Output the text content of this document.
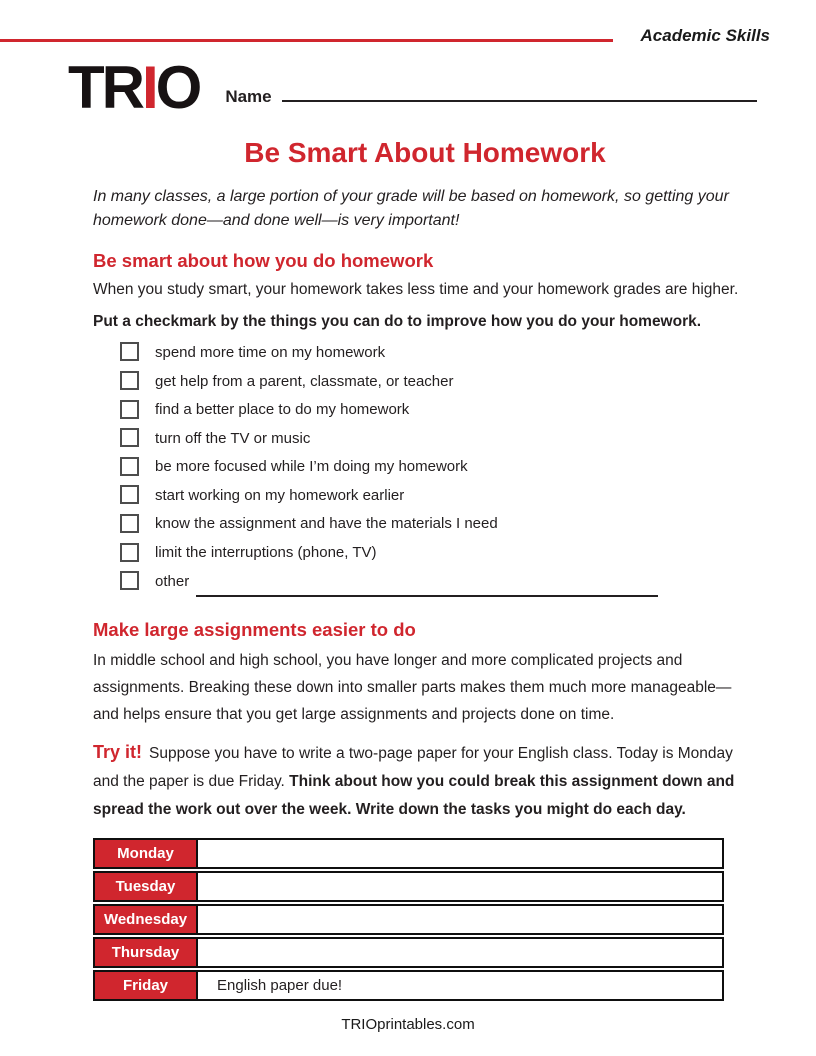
Academic Skills
TRIO Name
Be Smart About Homework

In many classes, a large portion of your grade will be based on homework, so getting your homework done—and done well—is very important!

Be smart about how you do homework

When you study smart, your homework takes less time and your homework grades are higher.

Put a checkmark by the things you can do to improve how you do your homework.

spend more time on my homework
get help from a parent, classmate, or teacher
find a better place to do my homework
turn off the TV or music
be more focused while I’m doing my homework
start working on my homework earlier
know the assignment and have the materials I need
limit the interruptions (phone, TV)
other
Make large assignments easier to do

In middle school and high school, you have longer and more complicated projects and assignments. Breaking these down into smaller parts makes them much more manageable—and helps ensure that you get large assignments and projects done on time.

Try it! Suppose you have to write a two-page paper for your English class. Today is Monday and the paper is due Friday. Think about how you could break this assignment down and spread the work out over the week. Write down the tasks you might do each day.

Monday
Tuesday
Wednesday
Thursday
Friday	English paper due!
TRIOprintables.com
